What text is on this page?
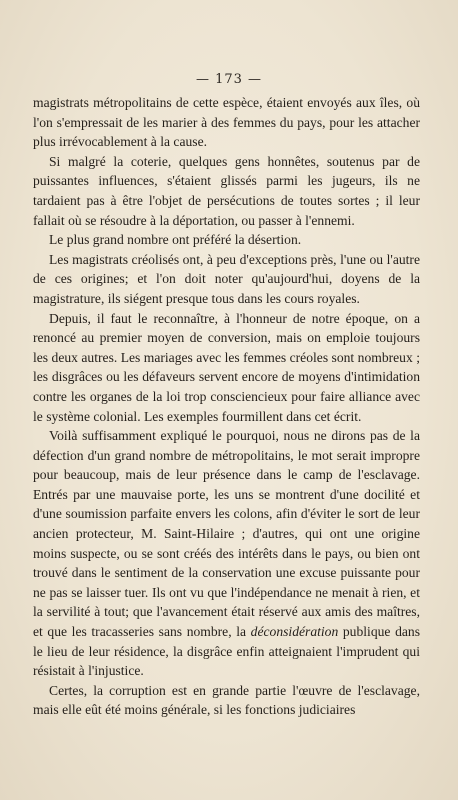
— 173 —

magistrats métropolitains de cette espèce, étaient envoyés aux îles, où l'on s'empressait de les marier à des femmes du pays, pour les attacher plus irrévocablement à la cause.

Si malgré la coterie, quelques gens honnêtes, soutenus par de puissantes influences, s'étaient glissés parmi les jugeurs, ils ne tardaient pas à être l'objet de persécutions de toutes sortes ; il leur fallait où se résoudre à la déportation, ou passer à l'ennemi.

Le plus grand nombre ont préféré la désertion.

Les magistrats créolisés ont, à peu d'exceptions près, l'une ou l'autre de ces origines; et l'on doit noter qu'aujourd'hui, doyens de la magistrature, ils siégent presque tous dans les cours royales.

Depuis, il faut le reconnaître, à l'honneur de notre époque, on a renoncé au premier moyen de conversion, mais on emploie toujours les deux autres. Les mariages avec les femmes créoles sont nombreux ; les disgrâces ou les défaveurs servent encore de moyens d'intimidation contre les organes de la loi trop consciencieux pour faire alliance avec le système colonial. Les exemples fourmillent dans cet écrit.

Voilà suffisamment expliqué le pourquoi, nous ne dirons pas de la défection d'un grand nombre de métropolitains, le mot serait impropre pour beaucoup, mais de leur présence dans le camp de l'esclavage. Entrés par une mauvaise porte, les uns se montrent d'une docilité et d'une soumission parfaite envers les colons, afin d'éviter le sort de leur ancien protecteur, M. Saint-Hilaire ; d'autres, qui ont une origine moins suspecte, ou se sont créés des intérêts dans le pays, ou bien ont trouvé dans le sentiment de la conservation une excuse puissante pour ne pas se laisser tuer. Ils ont vu que l'indépendance ne menait à rien, et la servilité à tout; que l'avancement était réservé aux amis des maîtres, et que les tracasseries sans nombre, la déconsidération publique dans le lieu de leur résidence, la disgrâce enfin atteignaient l'imprudent qui résistait à l'injustice.

Certes, la corruption est en grande partie l'œuvre de l'esclavage, mais elle eût été moins générale, si les fonctions judiciaires
